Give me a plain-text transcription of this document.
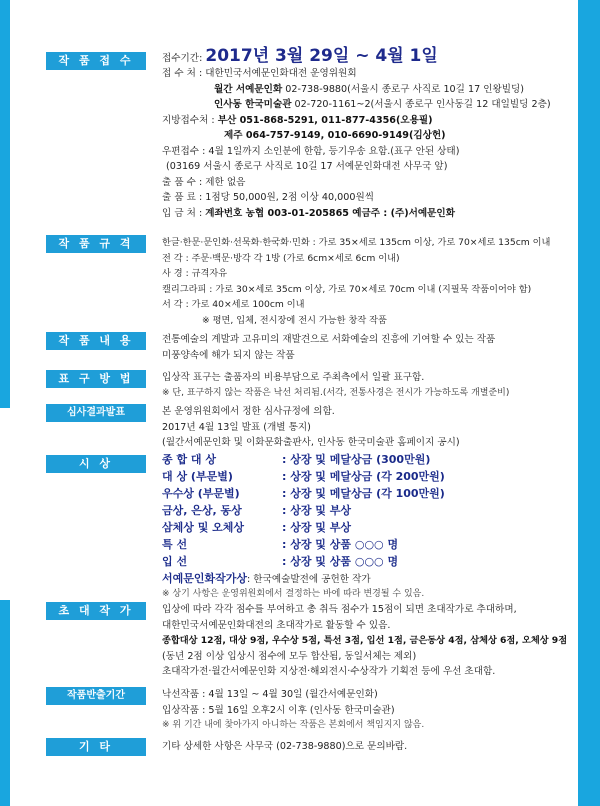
작 품 접 수	접수기간: 2017년 3월 29일 ~ 4월 1일
접 수 처 : 대한민국서예문인화대전 운영위원회
월간 서예문인화 02-738-9880(서울시 종로구 사직로 10길 17 인왕빌딩)
인사동 한국미술관 02-720-1161~2(서울시 종로구 인사동길 12 대일빌딩 2층)
지방접수처 : 부산 051-868-5291, 011-877-4356(오용필)
제주 064-757-9149, 010-6690-9149(김상헌)
우편접수 : 4월 1일까지 소인분에 한함, 등기우송 요함.(표구 안된 상태)
(03169 서울시 종로구 사직로 10길 17 서예문인화대전 사무국 앞)
출 품 수 : 제한 없음
출 품 료 : 1점당 50,000원, 2점 이상 40,000원씩
입 금 처 : 계좌번호 농협 003-01-205865 예금주 : (주)서예문인화
작 품 규 격	한글·한문·문인화·선묵화·한국화·민화 : 가로 35×세로 135cm 이상, 가로 70×세로 135cm 이내
전 각 : 주문·백문·방각 각 1방 (가로 6cm×세로 6cm 이내)
사 경 : 규격자유
캘리그라피 : 가로 30×세로 35cm 이상, 가로 70×세로 70cm 이내 (지필묵 작품이어야 함)
서 각 : 가로 40×세로 100cm 이내
※ 평면, 입체, 전시장에 전시 가능한 창작 작품
작 품 내 용	전통예술의 계발과 고유미의 재발견으로 서화예술의 진흥에 기여할 수 있는 작품
미풍양속에 해가 되지 않는 작품
표 구 방 법	입상작 표구는 출품자의 비용부담으로 주최측에서 일괄 표구함.
※ 단, 표구하지 않는 작품은 낙선 처리됨.(서각, 전통사경은 전시가 가능하도록 개별준비)
심사결과발표	본 운영위원회에서 정한 심사규정에 의함.
2017년 4월 13일 발표 (개별 통지)
(월간서예문인화 및 이화문화출판사, 인사동 한국미술관 홈페이지 공시)
시 상	종 합 대 상	: 상장 및 메달상금 (300만원)
대 상 (부문별)	: 상장 및 메달상금 (각 200만원)
우수상 (부문별)	: 상장 및 메달상금 (각 100만원)
금상, 은상, 동상	: 상장 및 부상
삼체상 및 오체상	: 상장 및 부상
특 선	: 상장 및 상품 ○○○ 명
입 선	: 상장 및 상품 ○○○ 명
서예문인화작가상: 한국예술발전에 공헌한 작가
※ 상기 사항은 운영위원회에서 결정하는 바에 따라 변경될 수 있음.
초 대 작 가	입상에 따라 각각 점수를 부여하고 총 취득 점수가 15점이 되면 초대작가로 추대하며,
대한민국서예문인화대전의 초대작가로 활동할 수 있음.
종합대상 12점, 대상 9점, 우수상 5점, 특선 3점, 입선 1점, 금은동상 4점, 삼체상 6점, 오체상 9점
(동년 2점 이상 입상시 점수에 모두 합산됨, 동일서체는 제외)
초대작가전·월간서예문인화 지상전·해외전시·수상작가 기획전 등에 우선 초대함.
작품반출기간	낙선작품 : 4월 13일 ~ 4월 30일 (월간서예문인화)
입상작품 : 5월 16일 오후2시 이후 (인사동 한국미술관)
※ 위 기간 내에 찾아가지 아니하는 작품은 본회에서 책임지지 않음.
기 타	기타 상세한 사항은 사무국 (02-738-9880)으로 문의바람.
